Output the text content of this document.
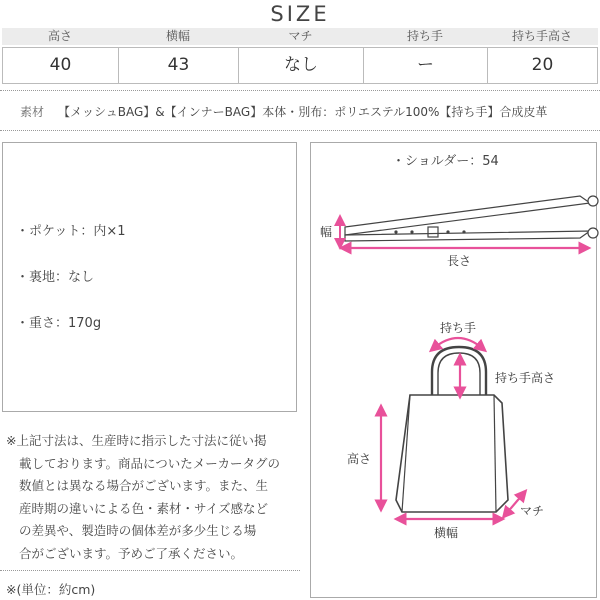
SIZE
高さ	横幅	マチ	持ち手	持ち手高さ
40	43	なし	ー	20
素材 【メッシュBAG】&【インナーBAG】本体・別布：ポリエステル100%【持ち手】合成皮革
・ポケット：内×1
・裏地：なし
・重さ：170g
※上記寸法は、生産時に指示した寸法に従い掲
載しております。商品についたメーカータグの
数値とは異なる場合がございます。また、生
産時期の違いによる色・素材・サイズ感など
の差異や、製造時の個体差が多少生じる場
合がございます。予めご了承ください。
※(単位：約cm)
・ショルダー：54
幅
長さ
持ち手
持ち手高さ
高さ
マチ
横幅
